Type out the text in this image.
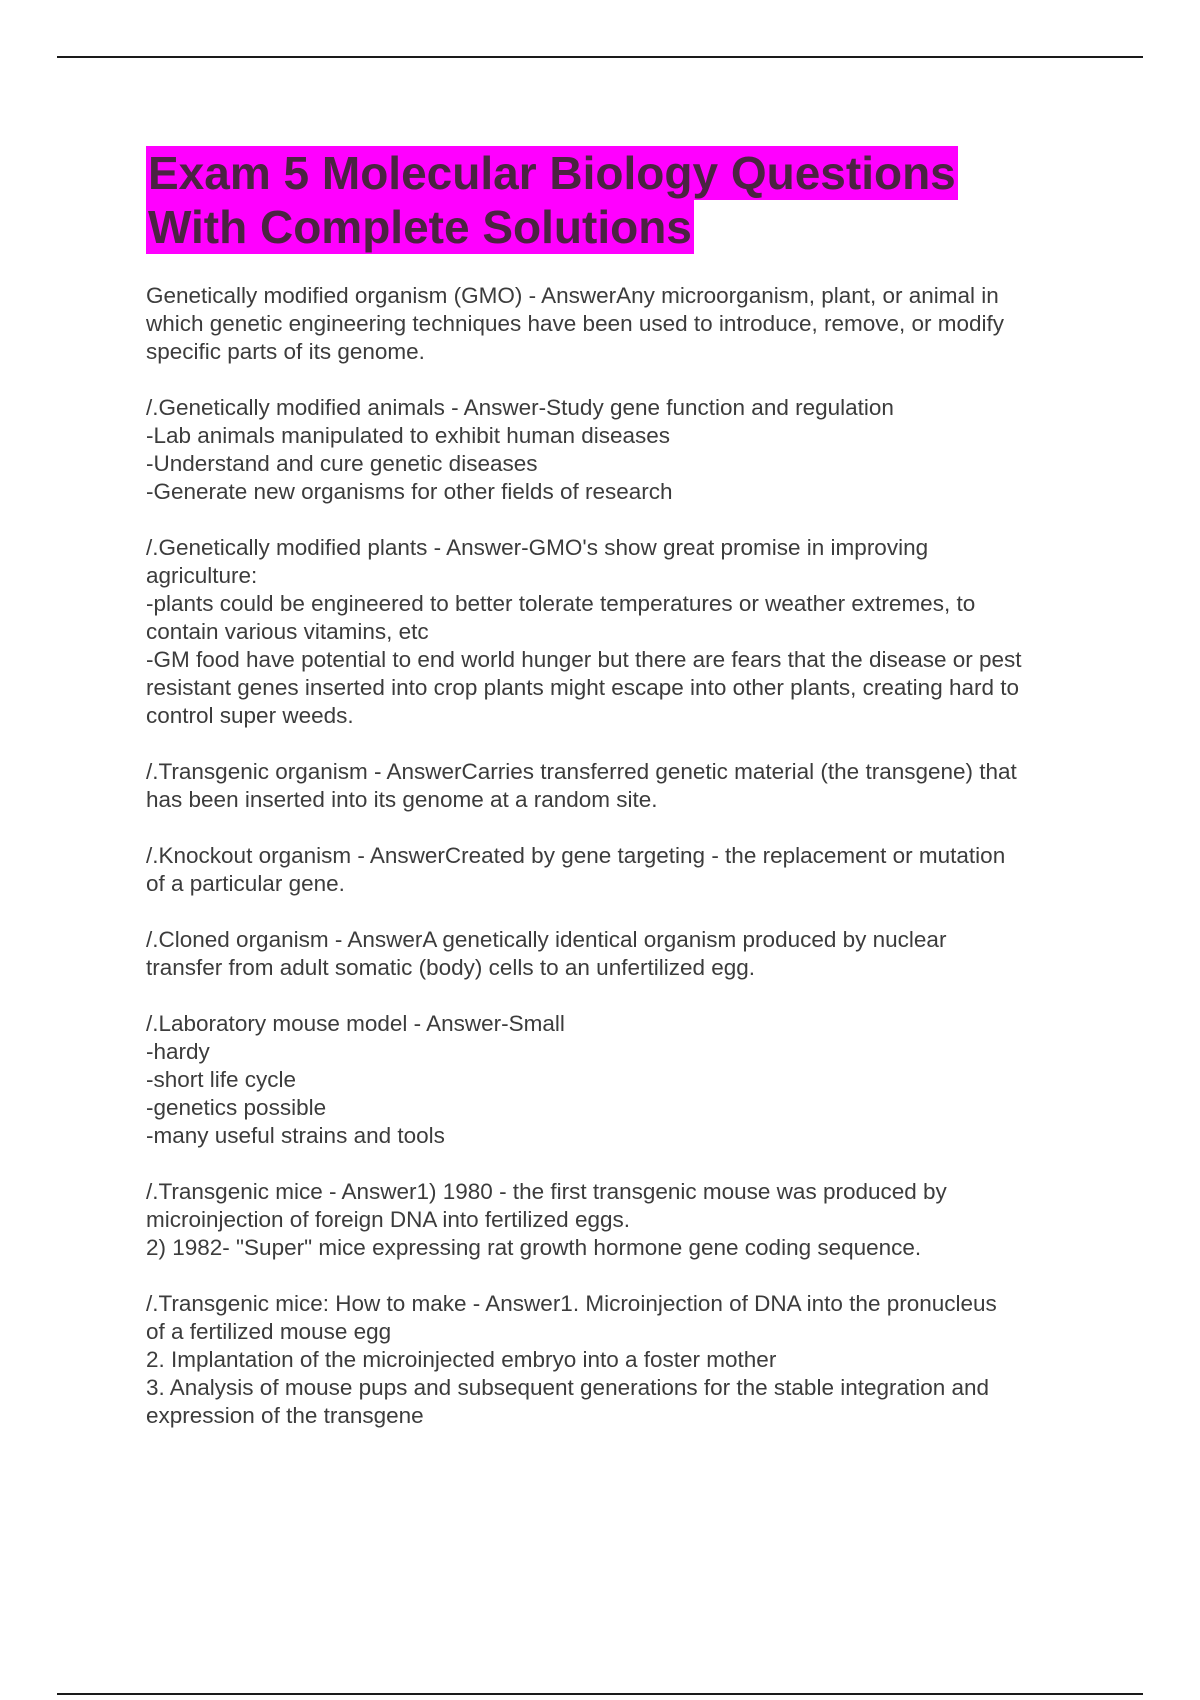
Exam 5 Molecular Biology Questions
With Complete Solutions
Genetically modified organism (GMO) - AnswerAny microorganism, plant, or animal in
which genetic engineering techniques have been used to introduce, remove, or modify
specific parts of its genome.
/.Genetically modified animals - Answer-Study gene function and regulation
-Lab animals manipulated to exhibit human diseases
-Understand and cure genetic diseases
-Generate new organisms for other fields of research
/.Genetically modified plants - Answer-GMO's show great promise in improving
agriculture:
-plants could be engineered to better tolerate temperatures or weather extremes, to
contain various vitamins, etc
-GM food have potential to end world hunger but there are fears that the disease or pest
resistant genes inserted into crop plants might escape into other plants, creating hard to
control super weeds.
/.Transgenic organism - AnswerCarries transferred genetic material (the transgene) that
has been inserted into its genome at a random site.
/.Knockout organism - AnswerCreated by gene targeting - the replacement or mutation
of a particular gene.
/.Cloned organism - AnswerA genetically identical organism produced by nuclear
transfer from adult somatic (body) cells to an unfertilized egg.
/.Laboratory mouse model - Answer-Small
-hardy
-short life cycle
-genetics possible
-many useful strains and tools
/.Transgenic mice - Answer1) 1980 - the first transgenic mouse was produced by
microinjection of foreign DNA into fertilized eggs.
2) 1982- "Super" mice expressing rat growth hormone gene coding sequence.
/.Transgenic mice: How to make - Answer1. Microinjection of DNA into the pronucleus
of a fertilized mouse egg
2. Implantation of the microinjected embryo into a foster mother
3. Analysis of mouse pups and subsequent generations for the stable integration and
expression of the transgene
